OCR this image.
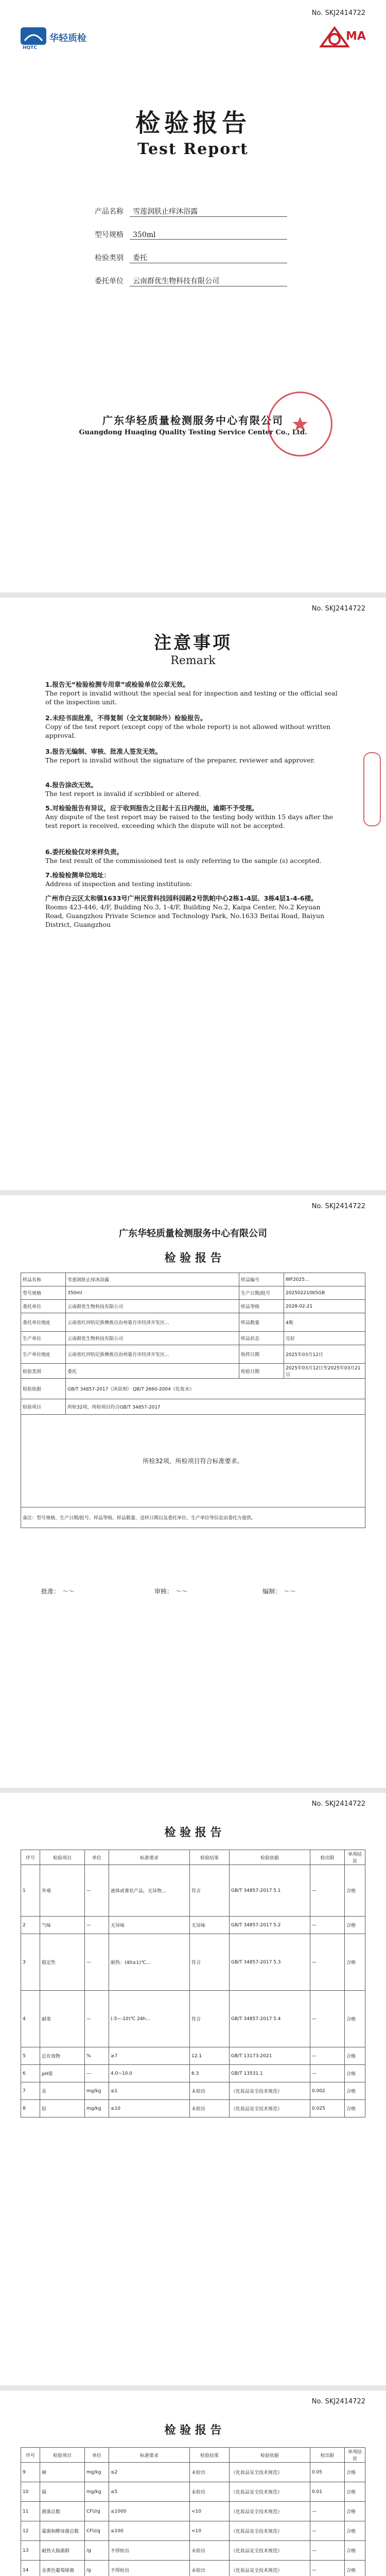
No. SKJ2414722
HQTC
华轻质检	MA
检验报告
Test Report
产品名称 雪莲润肤止痒沐浴露
型号规格 350ml
检验类别 委托
委托单位 云南群优生物科技有限公司
广东华轻质量检测服务中心有限公司
Guangdong Huaqing Quality Testing Service Center Co., Ltd.
No. SKJ2414722
注意事项
Remark
1.报告无“检验检测专用章”或检验单位公章无效。
The report is invalid without the special seal for inspection and testing or the official seal of the inspection unit.
2.未经书面批准，不得复制（全文复制除外）检验报告。
Copy of the test report (except copy of the whole report) is not allowed without written approval.
3.报告无编制、审核、批准人签发无效。
The report is invalid without the signature of the preparer, reviewer and approver.
4.报告涂改无效。
The test report is invalid if scribbled or altered.
5.对检验报告有异议，应于收到报告之日起十五日内提出，逾期不予受理。
Any dispute of the test report may be raised to the testing body within 15 days after the test report is received, exceeding which the dispute will not be accepted.
6.委托检验仅对来样负责。
The test result of the commissioned test is only referring to the sample (s) accepted.
7.检验检测单位地址：
Address of inspection and testing institution:
广州市白云区太和镇1633号广州民营科技园科园路2号凯帕中心2栋1-4层、3栋4层1-4-6楼。
Rooms 423-446, 4/F, Building No.3, 1-4/F, Building No.2, Kaipa Center, No.2 Keyuan Road, Guangzhou Private Science and Technology Park, No.1633 Beitai Road, Baiyun District, Guangzhou
No. SKJ2414722
广东华轻质量检测服务中心有限公司
检 验 报 告
样品名称	雪莲润肤止痒沐浴露	样品编号	WF2025...
型号规格	350ml	生产日期/批号	20250221065GB
委托单位	云南群优生物科技有限公司	样品等级	2028-02-21
委托单位地址	云南省红河哈尼族彝族自治州蒙自市经济开发区...	样品数量	4瓶
生产单位	云南群优生物科技有限公司	样品状态	完好
生产单位地址	云南省红河哈尼族彝族自治州蒙自市经济开发区...	收样日期	2025年03月12日
检验类别	委托	检验日期	2025年03月12日至2025年03月21日
检验依据	GB/T 34857-2017《沐浴剂》 QB/T 2660-2004《化妆水》		
检验项目	所检32项，所检项目符合GB/T 34857-2017		
所检32项，所检项目符合标准要求。			
备注：型号规格、生产日期/批号、样品等级、样品数量、送样日期以及委托单位、生产单位等信息由委托方提供。			
批准： 〜〜	审核： 〜〜	编制： 〜〜
No. SKJ2414722
检 验 报 告
序号	检验项目	单位	标准要求	检验结果	检验依据	检出限	单项结论
1	外观	—	液体或膏状产品，无异物...	符合	GB/T 34857-2017 5.1	—	合格
2	气味	—	无异味	无异味	GB/T 34857-2017 5.2	—	合格
3	稳定性	—	耐热：(40±1)℃...	符合	GB/T 34857-2017 5.3	—	合格
4	耐寒	—	(-5~-10)℃ 24h...	符合	GB/T 34857-2017 5.4	—	合格
5	总有效物	%	≥7	12.1	GB/T 13173-2021	—	合格
6	pH值	—	4.0~10.0	6.3	GB/T 13531.1	—	合格
7	汞	mg/kg	≤1	未检出	《化妆品安全技术规范》	0.002	合格
8	铅	mg/kg	≤10	未检出	《化妆品安全技术规范》	0.025	合格
No. SKJ2414722
检 验 报 告
序号	检验项目	单位	标准要求	检验结果	检验依据	检出限	单项结论
9	砷	mg/kg	≤2	未检出	《化妆品安全技术规范》	0.05	合格
10	镉	mg/kg	≤5	未检出	《化妆品安全技术规范》	0.01	合格
11	菌落总数	CFU/g	≤1000	<10	《化妆品安全技术规范》	—	合格
12	霉菌和酵母菌总数	CFU/g	≤100	<10	《化妆品安全技术规范》	—	合格
13	耐热大肠菌群	/g	不得检出	未检出	《化妆品安全技术规范》	—	合格
14	金黄色葡萄球菌	/g	不得检出	未检出	《化妆品安全技术规范》	—	合格
